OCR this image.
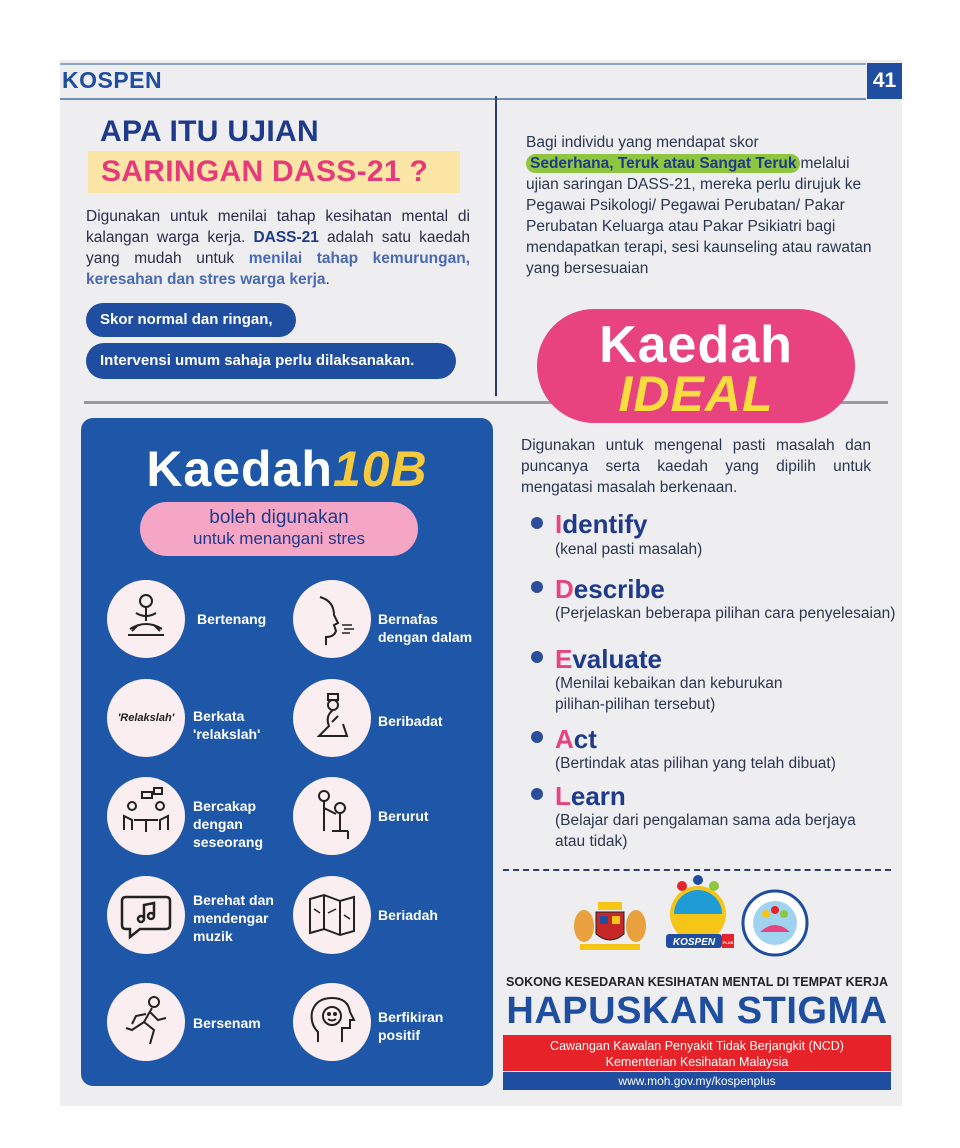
KOSPEN	41
APA ITU UJIAN
SARINGAN DASS-21 ?

Digunakan untuk menilai tahap kesihatan mental di kalangan warga kerja. DASS-21 adalah satu kaedah yang mudah untuk menilai tahap kemurungan, keresahan dan stres warga kerja.

Skor normal dan ringan,
Intervensi umum sahaja perlu dilaksanakan.

Bagi individu yang mendapat skor
Sederhana, Teruk atau Sangat Teruk melalui ujian saringan DASS-21, mereka perlu dirujuk ke Pegawai Psikologi/ Pegawai Perubatan/ Pakar Perubatan Keluarga atau Pakar Psikiatri bagi mendapatkan terapi, sesi kaunseling atau rawatan yang bersesuaian

Kaedah
IDEAL

Digunakan untuk mengenal pasti masalah dan puncanya serta kaedah yang dipilih untuk mengatasi masalah berkenaan.

Identify
(kenal pasti masalah)
Describe
(Perjelaskan beberapa pilihan cara penyelesaian)
Evaluate
(Menilai kebaikan dan keburukan pilihan-pilihan tersebut)
Act
(Bertindak atas pilihan yang telah dibuat)
Learn
(Belajar dari pengalaman sama ada berjaya atau tidak)
Kaedah10B
boleh digunakan
untuk menangani stres
Bertenang	Bernafas dengan dalam
'Relakslah' Berkata 'relakslah'
Beribadat
Bercakap dengan seseorang
Berurut
Berehat dan mendengar muzik
Beriadah
Bersenam	Berfikiran positif
KOSPEN PLUS
SOKONG KESEDARAN KESIHATAN MENTAL DI TEMPAT KERJA
HAPUSKAN STIGMA
Cawangan Kawalan Penyakit Tidak Berjangkit (NCD)
Kementerian Kesihatan Malaysia
www.moh.gov.my/kospenplus
